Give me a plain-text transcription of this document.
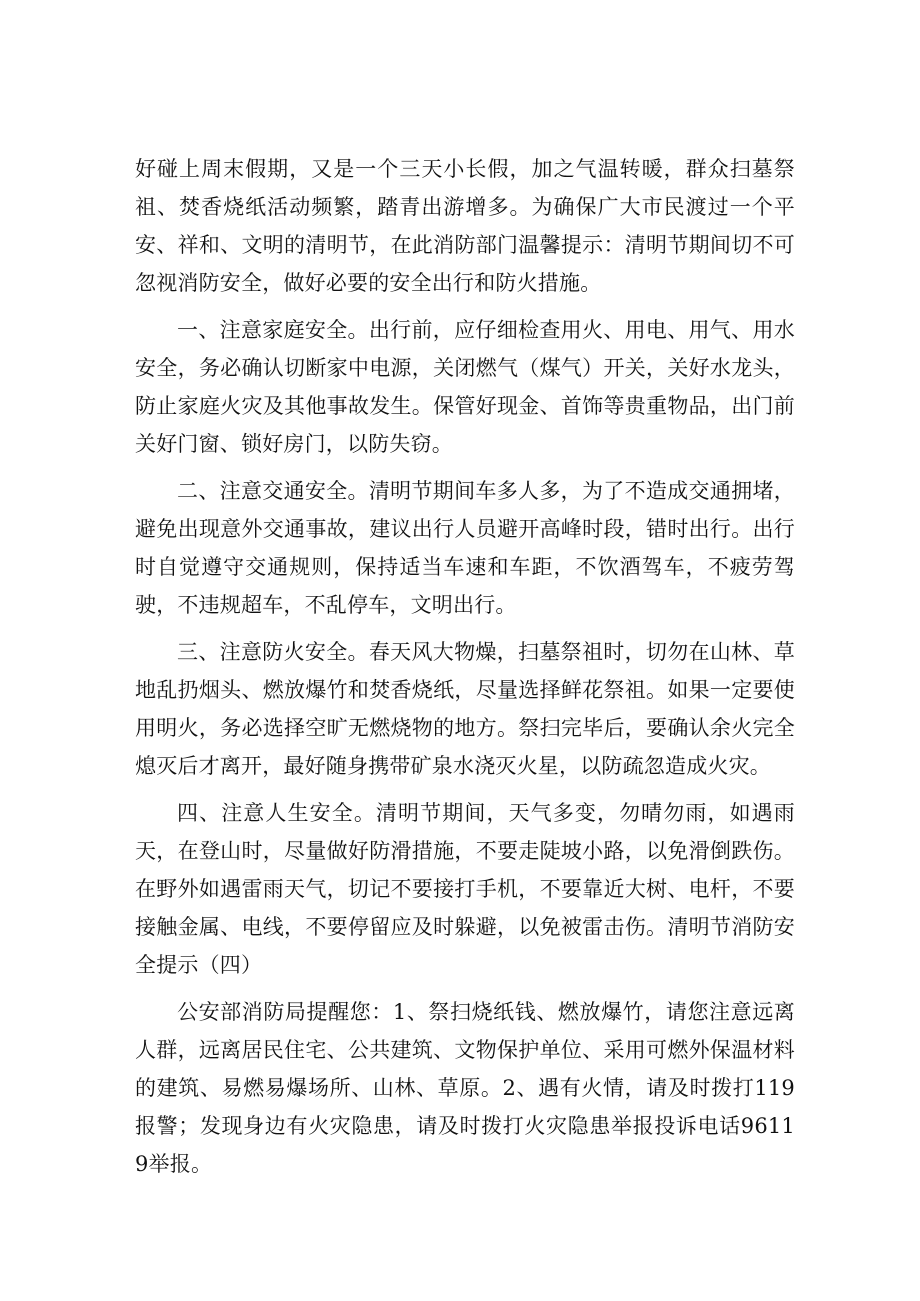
好碰上周末假期，又是一个三天小长假，加之气温转暖，群众扫墓祭祖、焚香烧纸活动频繁，踏青出游增多。为确保广大市民渡过一个平安、祥和、文明的清明节，在此消防部门温馨提示：清明节期间切不可忽视消防安全，做好必要的安全出行和防火措施。

一、注意家庭安全。出行前，应仔细检查用火、用电、用气、用水安全，务必确认切断家中电源，关闭燃气（煤气）开关，关好水龙头，防止家庭火灾及其他事故发生。保管好现金、首饰等贵重物品，出门前关好门窗、锁好房门，以防失窃。

二、注意交通安全。清明节期间车多人多，为了不造成交通拥堵，避免出现意外交通事故，建议出行人员避开高峰时段，错时出行。出行时自觉遵守交通规则，保持适当车速和车距，不饮酒驾车，不疲劳驾驶，不违规超车，不乱停车，文明出行。

三、注意防火安全。春天风大物燥，扫墓祭祖时，切勿在山林、草地乱扔烟头、燃放爆竹和焚香烧纸，尽量选择鲜花祭祖。如果一定要使用明火，务必选择空旷无燃烧物的地方。祭扫完毕后，要确认余火完全熄灭后才离开，最好随身携带矿泉水浇灭火星，以防疏忽造成火灾。

四、注意人生安全。清明节期间，天气多变，勿晴勿雨，如遇雨天，在登山时，尽量做好防滑措施，不要走陡坡小路，以免滑倒跌伤。在野外如遇雷雨天气，切记不要接打手机，不要靠近大树、电杆，不要接触金属、电线，不要停留应及时躲避，以免被雷击伤。清明节消防安全提示（四）

公安部消防局提醒您：1、祭扫烧纸钱、燃放爆竹，请您注意远离人群，远离居民住宅、公共建筑、文物保护单位、采用可燃外保温材料的建筑、易燃易爆场所、山林、草原。2、遇有火情，请及时拨打119报警；发现身边有火灾隐患，请及时拨打火灾隐患举报投诉电话96119举报。
